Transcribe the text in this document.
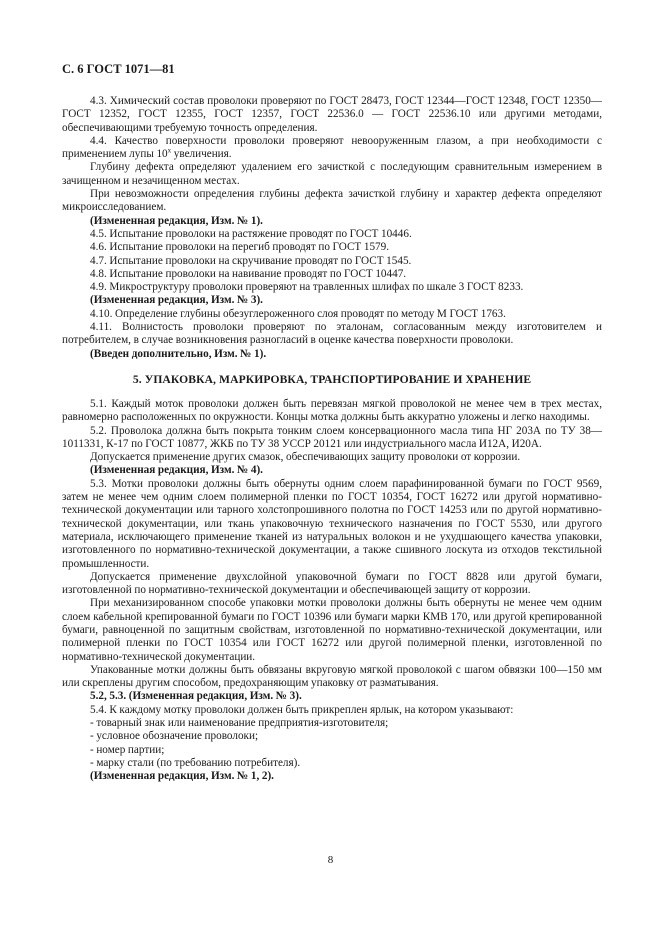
С. 6 ГОСТ 1071—81

4.3. Химический состав проволоки проверяют по ГОСТ 28473, ГОСТ 12344—ГОСТ 12348, ГОСТ 12350—ГОСТ 12352, ГОСТ 12355, ГОСТ 12357, ГОСТ 22536.0 — ГОСТ 22536.10 или другими методами, обеспечивающими требуемую точность определения.

4.4. Качество поверхности проволоки проверяют невооруженным глазом, а при необходимости с применением лупы $10^х$ увеличения.

Глубину дефекта определяют удалением его зачисткой с последующим сравнительным измерением в зачищенном и незачищенном местах.

При невозможности определения глубины дефекта зачисткой глубину и характер дефекта определяют микроисследованием.

(Измененная редакция, Изм. № 1).

4.5. Испытание проволоки на растяжение проводят по ГОСТ 10446.

4.6. Испытание проволоки на перегиб проводят по ГОСТ 1579.

4.7. Испытание проволоки на скручивание проводят по ГОСТ 1545.

4.8. Испытание проволоки на навивание проводят по ГОСТ 10447.

4.9. Микроструктуру проволоки проверяют на травленных шлифах по шкале 3 ГОСТ 8233.

(Измененная редакция, Изм. № 3).

4.10. Определение глубины обезуглероженного слоя проводят по методу М ГОСТ 1763.

4.11. Волнистость проволоки проверяют по эталонам, согласованным между изготовителем и потребителем, в случае возникновения разногласий в оценке качества поверхности проволоки.

(Введен дополнительно, Изм. № 1).

5. УПАКОВКА, МАРКИРОВКА, ТРАНСПОРТИРОВАНИЕ И ХРАНЕНИЕ

5.1. Каждый моток проволоки должен быть перевязан мягкой проволокой не менее чем в трех местах, равномерно расположенных по окружности. Концы мотка должны быть аккуратно уложены и легко находимы.

5.2. Проволока должна быть покрыта тонким слоем консервационного масла типа НГ 203А по ТУ 38—1011331, К-17 по ГОСТ 10877, ЖКБ по ТУ 38 УССР 20121 или индустриального масла И12А, И20А.

Допускается применение других смазок, обеспечивающих защиту проволоки от коррозии.

(Измененная редакция, Изм. № 4).

5.3. Мотки проволоки должны быть обернуты одним слоем парафинированной бумаги по ГОСТ 9569, затем не менее чем одним слоем полимерной пленки по ГОСТ 10354, ГОСТ 16272 или другой нормативно-технической документации или тарного холстопрошивного полотна по ГОСТ 14253 или по другой нормативно-технической документации, или ткань упаковочную технического назначения по ГОСТ 5530, или другого материала, исключающего применение тканей из натуральных волокон и не ухудшающего качества упаковки, изготовленного по нормативно-технической документации, а также сшивного лоскута из отходов текстильной промышленности.

Допускается применение двухслойной упаковочной бумаги по ГОСТ 8828 или другой бумаги, изготовленной по нормативно-технической документации и обеспечивающей защиту от коррозии.

При механизированном способе упаковки мотки проволоки должны быть обернуты не менее чем одним слоем кабельной крепированной бумаги по ГОСТ 10396 или бумаги марки КМВ 170, или другой крепированной бумаги, равноценной по защитным свойствам, изготовленной по нормативно-технической документации, или полимерной пленки по ГОСТ 10354 или ГОСТ 16272 или другой полимерной пленки, изготовленной по нормативно-технической документации.

Упакованные мотки должны быть обвязаны вкруговую мягкой проволокой с шагом обвязки 100—150 мм или скреплены другим способом, предохраняющим упаковку от разматывания.

5.2, 5.3. (Измененная редакция, Изм. № 3).

5.4. К каждому мотку проволоки должен быть прикреплен ярлык, на котором указывают:

- товарный знак или наименование предприятия-изготовителя;

- условное обозначение проволоки;

- номер партии;

- марку стали (по требованию потребителя).

(Измененная редакция, Изм. № 1, 2).

8
